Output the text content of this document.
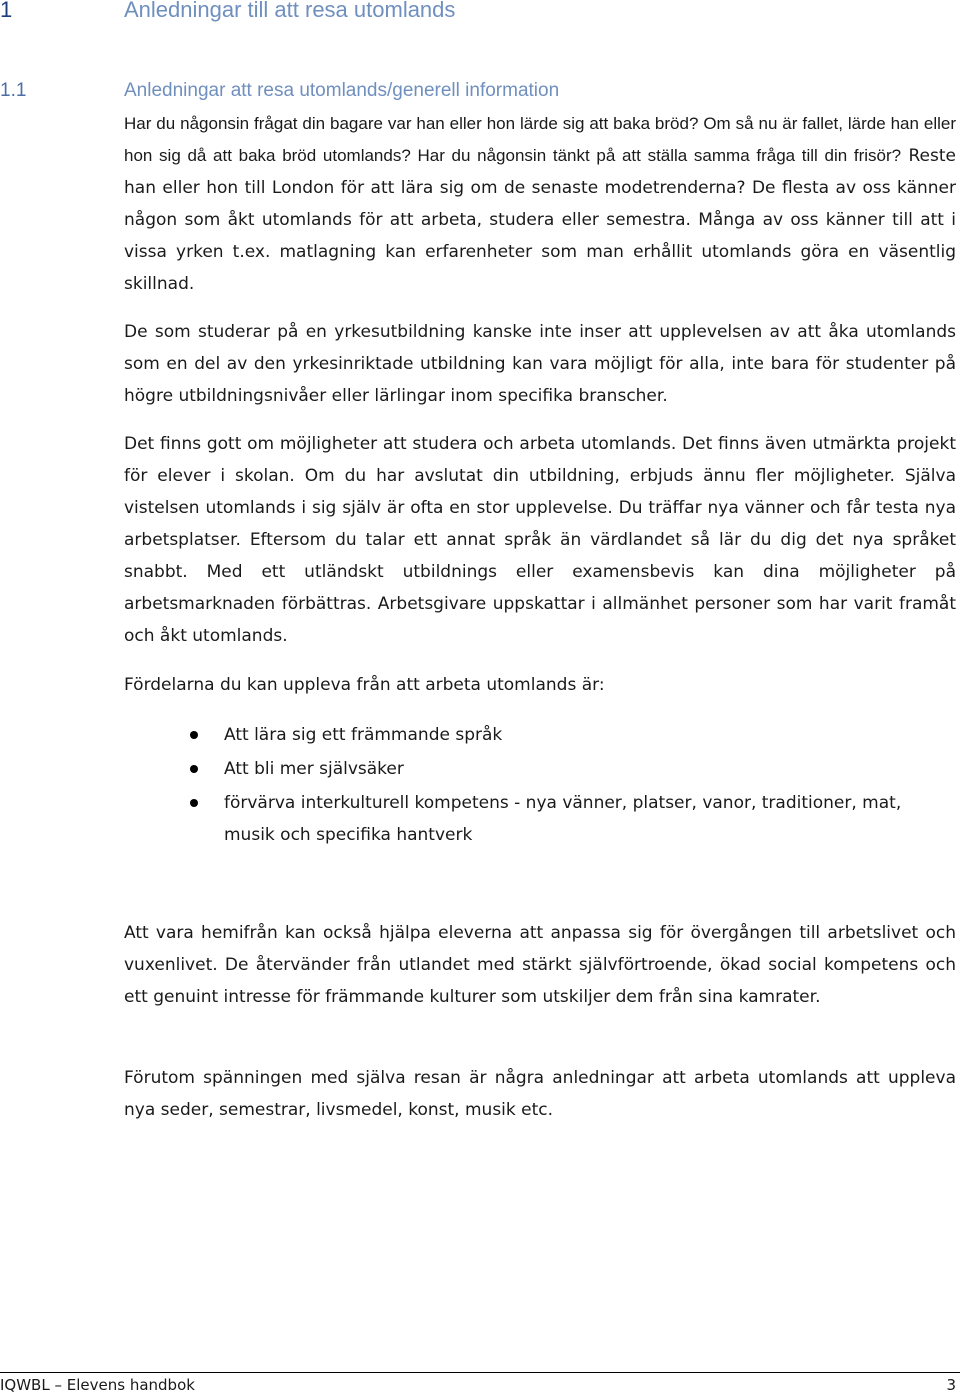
1	Anledningar till att resa utomlands
1.1	Anledningar att resa utomlands/generell information

Har du någonsin frågat din bagare var han eller hon lärde sig att baka bröd? Om så nu är fallet, lärde han eller hon sig då att baka bröd utomlands? Har du någonsin tänkt på att ställa samma fråga till din frisör? Reste han eller hon till London för att lära sig om de senaste modetrenderna? De flesta av oss känner någon som åkt utomlands för att arbeta, studera eller semestra. Många av oss känner till att i vissa yrken t.ex. matlagning kan erfarenheter som man erhållit utomlands göra en väsentlig skillnad.

De som studerar på en yrkesutbildning kanske inte inser att upplevelsen av att åka utomlands som en del av den yrkesinriktade utbildning kan vara möjligt för alla, inte bara för studenter på högre utbildningsnivåer eller lärlingar inom specifika branscher.

Det finns gott om möjligheter att studera och arbeta utomlands. Det finns även utmärkta projekt för elever i skolan. Om du har avslutat din utbildning, erbjuds ännu fler möjligheter. Själva vistelsen utomlands i sig själv är ofta en stor upplevelse. Du träffar nya vänner och får testa nya arbetsplatser. Eftersom du talar ett annat språk än värdlandet så lär du dig det nya språket snabbt. Med ett utländskt utbildnings eller examensbevis kan dina möjligheter på arbetsmarknaden förbättras. Arbetsgivare uppskattar i allmänhet personer som har varit framåt och åkt utomlands.

Fördelarna du kan uppleva från att arbeta utomlands är:

Att lära sig ett främmande språk
Att bli mer självsäker
förvärva interkulturell kompetens - nya vänner, platser, vanor, traditioner, mat, musik och specifika hantverk

Att vara hemifrån kan också hjälpa eleverna att anpassa sig för övergången till arbetslivet och vuxenlivet. De återvänder från utlandet med stärkt självförtroende, ökad social kompetens och ett genuint intresse för främmande kulturer som utskiljer dem från sina kamrater.

Förutom spänningen med själva resan är några anledningar att arbeta utomlands att uppleva nya seder, semestrar, livsmedel, konst, musik etc.

IQWBL – Elevens handbok	3
